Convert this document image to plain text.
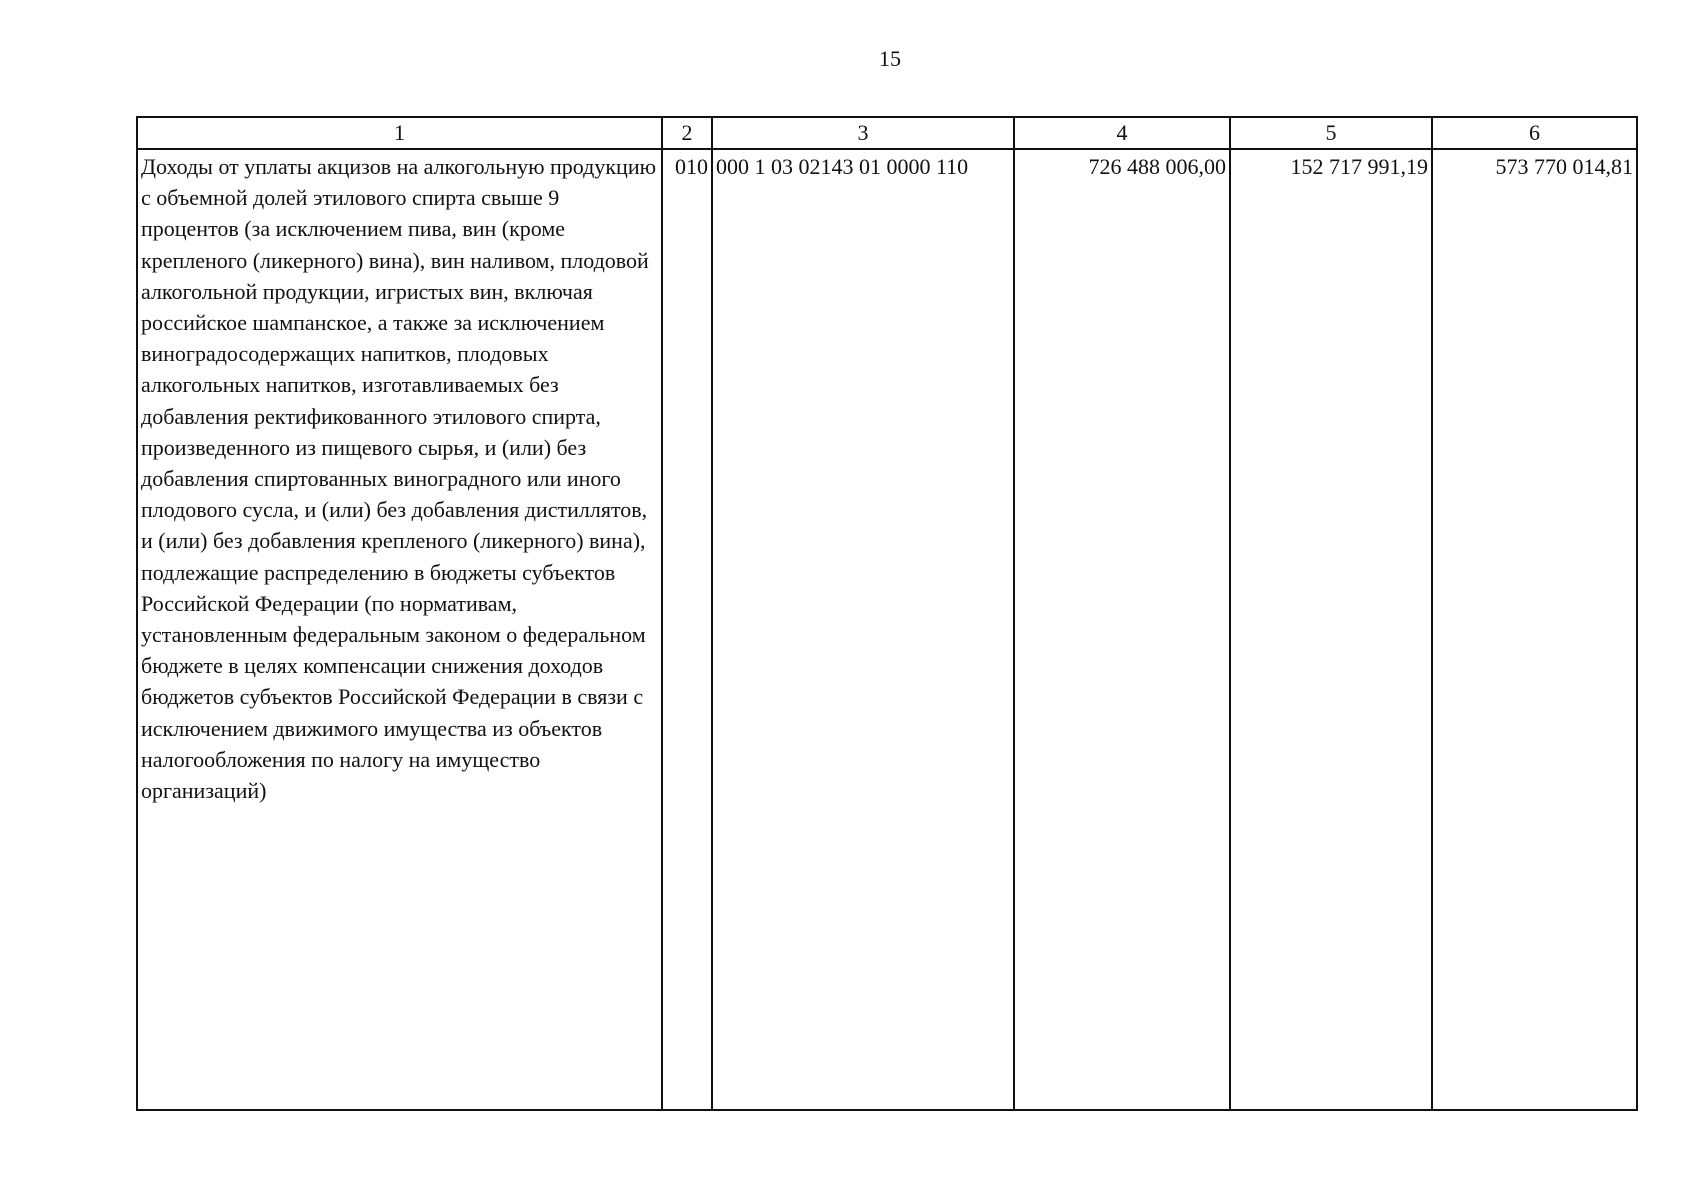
15
1	2	3	4	5	6
Доходы от уплаты акцизов на алкогольную продукцию с объемной долей этилового спирта свыше 9 процентов (за исключением пива, вин (кроме крепленого (ликерного) вина), вин наливом, плодовой алкогольной продукции, игристых вин, включая российское шампанское, а также за исключением виноградосодержащих напитков, плодовых алкогольных напитков, изготавливаемых без добавления ректификованного этилового спирта, произведенного из пищевого сырья, и (или) без добавления спиртованных виноградного или иного плодового сусла, и (или) без добавления дистиллятов, и (или) без добавления крепленого (ликерного) вина), подлежащие распределению в бюджеты субъектов Российской Федерации (по нормативам, установленным федеральным законом о федеральном бюджете в целях компенсации снижения доходов бюджетов субъектов Российской Федерации в связи с исключением движимого имущества из объектов налогообложения по налогу на имущество организаций)	010	000 1 03 02143 01 0000 110	726 488 006,00	152 717 991,19	573 770 014,81
